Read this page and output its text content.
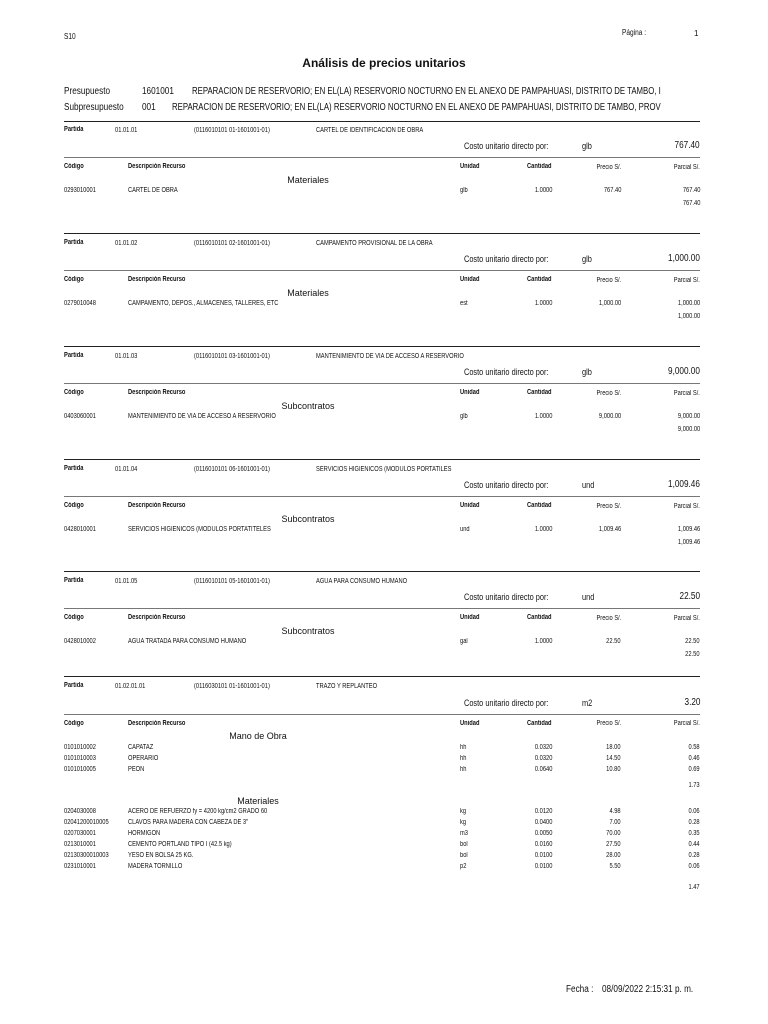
S10	Página :	1
Análisis de precios unitarios
Presupuesto	1601001	REPARACION DE RESERVORIO; EN EL(LA) RESERVORIO NOCTURNO EN EL ANEXO DE PAMPAHUASI, DISTRITO DE TAMBO, I
Subpresupuesto	001	REPARACION DE RESERVORIO; EN EL(LA) RESERVORIO NOCTURNO EN EL ANEXO DE PAMPAHUASI, DISTRITO DE TAMBO, PROV
Partida	01.01.01	(0116010101 01-1601001-01)	CARTEL DE IDENTIFICACION DE OBRA
Costo unitario directo por:	glb	767.40
Código	Descripción Recurso	Unidad	Cantidad	Precio S/.	Parcial S/.
Materiales
0293010001	CARTEL DE OBRA	glb	1.0000	767.40	767.40
767.40
Partida	01.01.02	(0116010101 02-1601001-01)	CAMPAMENTO PROVISIONAL DE LA OBRA
Costo unitario directo por:	glb	1,000.00
Código	Descripción Recurso	Unidad	Cantidad	Precio S/.	Parcial S/.
Materiales
0279010048	CAMPAMENTO, DEPOS., ALMACENES, TALLERES, ETC	est	1.0000	1,000.00	1,000.00
1,000.00
Partida	01.01.03	(0116010101 03-1601001-01)	MANTENIMIENTO DE VIA DE ACCESO A RESERVORIO
Costo unitario directo por:	glb	9,000.00
Código	Descripción Recurso	Unidad	Cantidad	Precio S/.	Parcial S/.
Subcontratos
0403060001	MANTENIMIENTO DE VIA DE ACCESO A RESERVORIO	glb	1.0000	9,000.00	9,000.00
9,000.00
Partida	01.01.04	(0116010101 06-1601001-01)	SERVICIOS HIGIENICOS (MODULOS PORTATILES
Costo unitario directo por:	und	1,009.46
Código	Descripción Recurso	Unidad	Cantidad	Precio S/.	Parcial S/.
Subcontratos
0428010001	SERVICIOS HIGIENICOS (MODULOS PORTATITELES	und	1.0000	1,009.46	1,009.46
1,009.46
Partida	01.01.05	(0116010101 05-1601001-01)	AGUA PARA CONSUMO HUMANO
Costo unitario directo por:	und	22.50
Código	Descripción Recurso	Unidad	Cantidad	Precio S/.	Parcial S/.
Subcontratos
0428010002	AGUA TRATADA PARA CONSUMO HUMANO	gal	1.0000	22.50	22.50
22.50
Partida	01.02.01.01	(0116030101 01-1601001-01)	TRAZO Y REPLANTEO
Costo unitario directo por:	m2	3.20
Código	Descripción Recurso	Unidad	Cantidad	Precio S/.	Parcial S/.
Mano de Obra
0101010002	CAPATAZ	hh	0.0320	18.00	0.58
0101010003	OPERARIO	hh	0.0320	14.50	0.46
0101010005	PEON	hh	0.0640	10.80	0.69
1.73
Materiales
0204030008	ACERO DE REFUERZO fy = 4200 kg/cm2 GRADO 60	kg	0.0120	4.98	0.06
02041200010005	CLAVOS PARA MADERA CON CABEZA DE 3"	kg	0.0400	7.00	0.28
0207030001	HORMIGON	m3	0.0050	70.00	0.35
0213010001	CEMENTO PORTLAND TIPO I (42.5 kg)	bol	0.0160	27.50	0.44
02130300010003	YESO EN BOLSA 25 KG.	bol	0.0100	28.00	0.28
0231010001	MADERA TORNILLO	p2	0.0100	5.50	0.06
1.47
Fecha : 08/09/2022 2:15:31 p. m.
